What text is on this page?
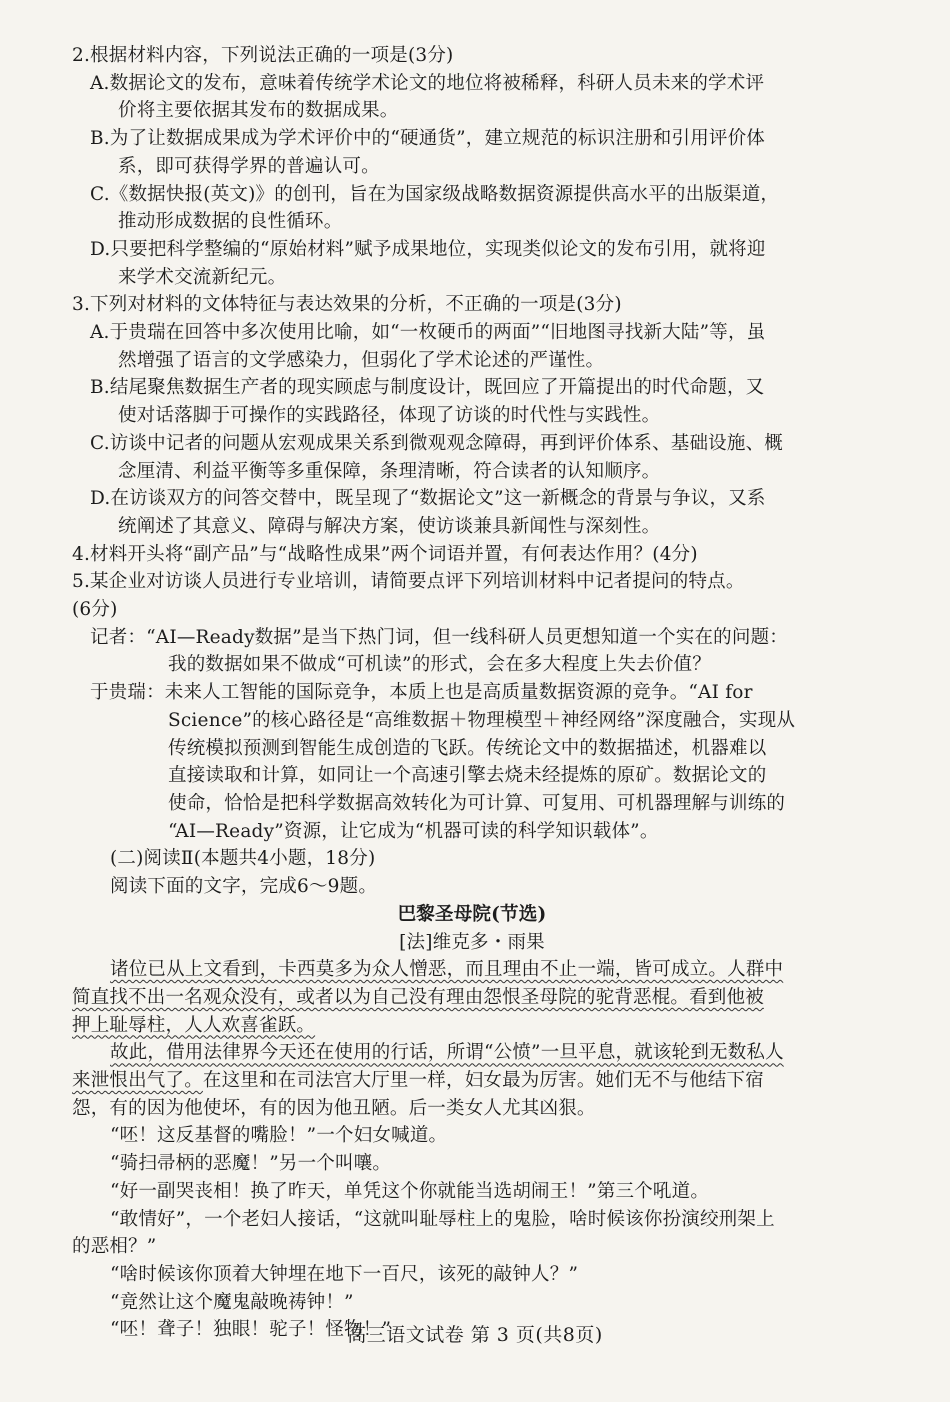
2.根据材料内容，下列说法正确的一项是(3分)
A.数据论文的发布，意味着传统学术论文的地位将被稀释，科研人员未来的学术评
价将主要依据其发布的数据成果。
B.为了让数据成果成为学术评价中的“硬通货”，建立规范的标识注册和引用评价体
系，即可获得学界的普遍认可。
C.《数据快报(英文)》的创刊，旨在为国家级战略数据资源提供高水平的出版渠道，
推动形成数据的良性循环。
D.只要把科学整编的“原始材料”赋予成果地位，实现类似论文的发布引用，就将迎
来学术交流新纪元。
3.下列对材料的文体特征与表达效果的分析，不正确的一项是(3分)
A.于贵瑞在回答中多次使用比喻，如“一枚硬币的两面”“旧地图寻找新大陆”等，虽
然增强了语言的文学感染力，但弱化了学术论述的严谨性。
B.结尾聚焦数据生产者的现实顾虑与制度设计，既回应了开篇提出的时代命题，又
使对话落脚于可操作的实践路径，体现了访谈的时代性与实践性。
C.访谈中记者的问题从宏观成果关系到微观观念障碍，再到评价体系、基础设施、概
念厘清、利益平衡等多重保障，条理清晰，符合读者的认知顺序。
D.在访谈双方的问答交替中，既呈现了“数据论文”这一新概念的背景与争议，又系
统阐述了其意义、障碍与解决方案，使访谈兼具新闻性与深刻性。
4.材料开头将“副产品”与“战略性成果”两个词语并置，有何表达作用？(4分)
5.某企业对访谈人员进行专业培训，请简要点评下列培训材料中记者提问的特点。
(6分)
记者：“AI—Ready数据”是当下热门词，但一线科研人员更想知道一个实在的问题：
我的数据如果不做成“可机读”的形式，会在多大程度上失去价值？
于贵瑞：未来人工智能的国际竞争，本质上也是高质量数据资源的竞争。“AI for
Science”的核心路径是“高维数据＋物理模型＋神经网络”深度融合，实现从
传统模拟预测到智能生成创造的飞跃。传统论文中的数据描述，机器难以
直接读取和计算，如同让一个高速引擎去烧未经提炼的原矿。数据论文的
使命，恰恰是把科学数据高效转化为可计算、可复用、可机器理解与训练的
“AI—Ready”资源，让它成为“机器可读的科学知识载体”。
(二)阅读Ⅱ(本题共4小题，18分)
阅读下面的文字，完成6～9题。
巴黎圣母院(节选)
[法]维克多・雨果
诸位已从上文看到，卡西莫多为众人憎恶，而且理由不止一端，皆可成立。人群中
简直找不出一名观众没有，或者以为自己没有理由怨恨圣母院的驼背恶棍。看到他被
押上耻辱柱，人人欢喜雀跃。
故此，借用法律界今天还在使用的行话，所谓“公愤”一旦平息，就该轮到无数私人
来泄恨出气了。在这里和在司法宫大厅里一样，妇女最为厉害。她们无不与他结下宿
怨，有的因为他使坏，有的因为他丑陋。后一类女人尤其凶狠。
“呸！这反基督的嘴脸！”一个妇女喊道。
“骑扫帚柄的恶魔！”另一个叫嚷。
“好一副哭丧相！换了昨天，单凭这个你就能当选胡闹王！”第三个吼道。
“敢情好”，一个老妇人接话，“这就叫耻辱柱上的鬼脸，啥时候该你扮演绞刑架上
的恶相？”
“啥时候该你顶着大钟埋在地下一百尺，该死的敲钟人？”
“竟然让这个魔鬼敲晚祷钟！”
“呸！聋子！独眼！驼子！怪物！”
高三语文试卷 第 3 页(共8页)
